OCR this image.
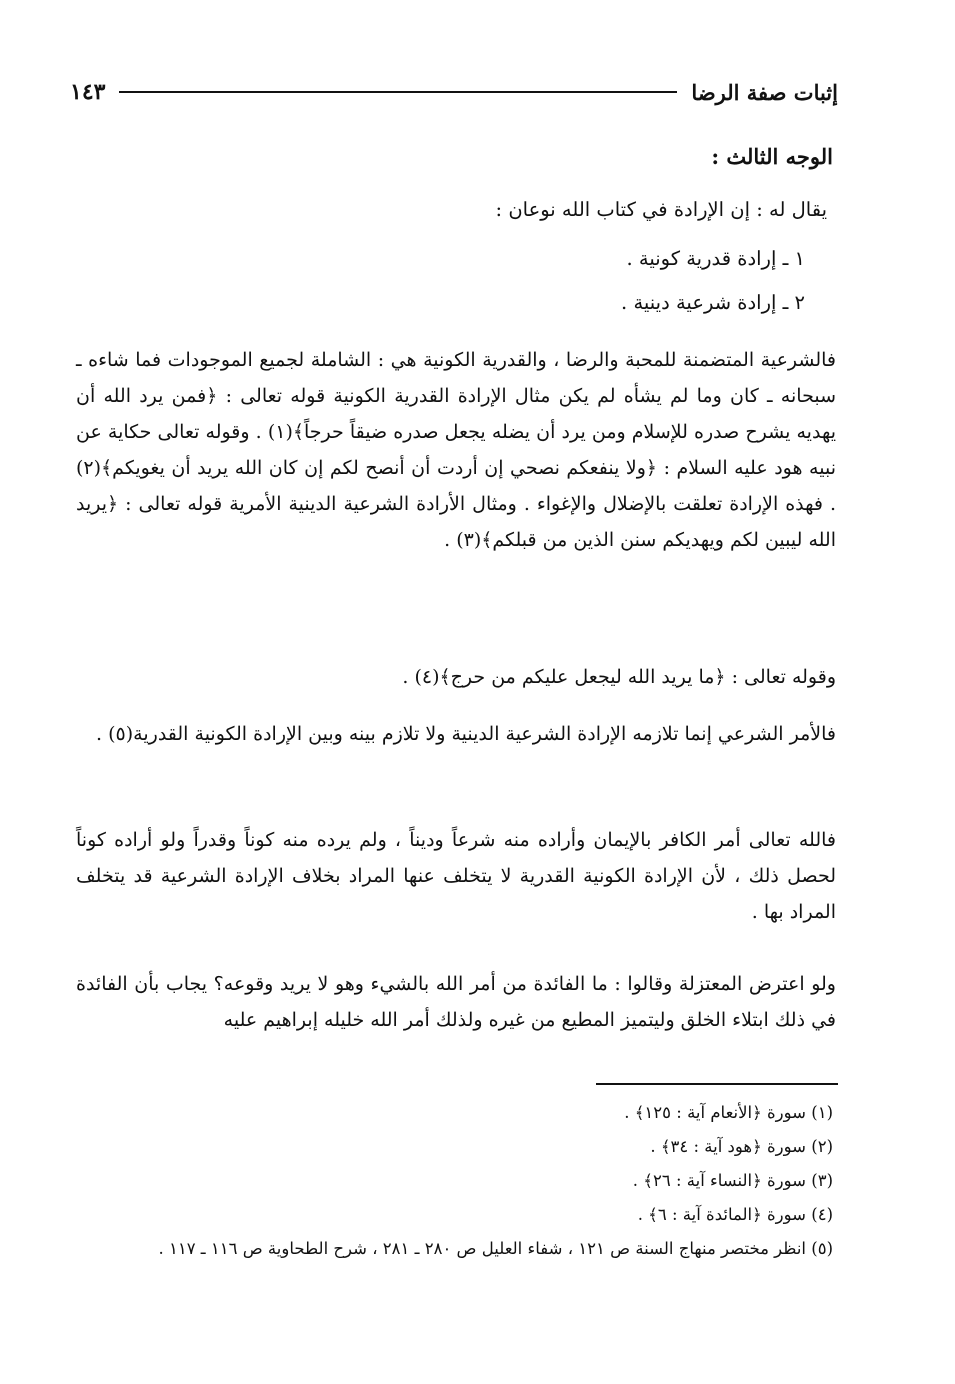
إثبات صفة الرضا
١٤٣
الوجه الثالث :
يقال له : إن الإرادة في كتاب الله نوعان :
١ ـ إرادة قدرية كونية .
٢ ـ إرادة شرعية دينية .

فالشرعية المتضمنة للمحبة والرضا ، والقدرية الكونية هي : الشاملة لجميع الموجودات فما شاءه ـ سبحانه ـ كان وما لم يشأه لم يكن مثال الإرادة القدرية الكونية قوله تعالى : ﴿فمن يرد الله أن يهديه يشرح صدره للإسلام ومن يرد أن يضله يجعل صدره ضيقاً حرجاً﴾(١) . وقوله تعالى حكاية عن نبيه هود عليه السلام : ﴿ولا ينفعكم نصحي إن أردت أن أنصح لكم إن كان الله يريد أن يغويكم﴾(٢) . فهذه الإرادة تعلقت بالإضلال والإغواء . ومثال الأرادة الشرعية الدينية الأمرية قوله تعالى : ﴿يريد الله ليبين لكم ويهديكم سنن الذين من قبلكم﴾(٣) .

وقوله تعالى : ﴿ما يريد الله ليجعل عليكم من حرج﴾(٤) .

فالأمر الشرعي إنما تلازمه الإرادة الشرعية الدينية ولا تلازم بينه وبين الإرادة الكونية القدرية(٥) .

فالله تعالى أمر الكافر بالإيمان وأراده منه شرعاً وديناً ، ولم يرده منه كوناً وقدراً ولو أراده كوناً لحصل ذلك ، لأن الإرادة الكونية القدرية لا يتخلف عنها المراد بخلاف الإرادة الشرعية قد يتخلف المراد بها .

ولو اعترض المعتزلة وقالوا : ما الفائدة من أمر الله بالشيء وهو لا يريد وقوعه؟ يجاب بأن الفائدة في ذلك ابتلاء الخلق وليتميز المطيع من غيره ولذلك أمر الله خليله إبراهيم عليه

(١) سورة ﴿الأنعام آية : ١٢٥﴾ .
(٢) سورة ﴿هود آية : ٣٤﴾ .
(٣) سورة ﴿النساء آية : ٢٦﴾ .
(٤) سورة ﴿المائدة آية : ٦﴾ .
(٥) انظر مختصر منهاج السنة ص ١٢١ ، شفاء العليل ص ٢٨٠ ـ ٢٨١ ، شرح الطحاوية ص ١١٦ ـ ١١٧ .
